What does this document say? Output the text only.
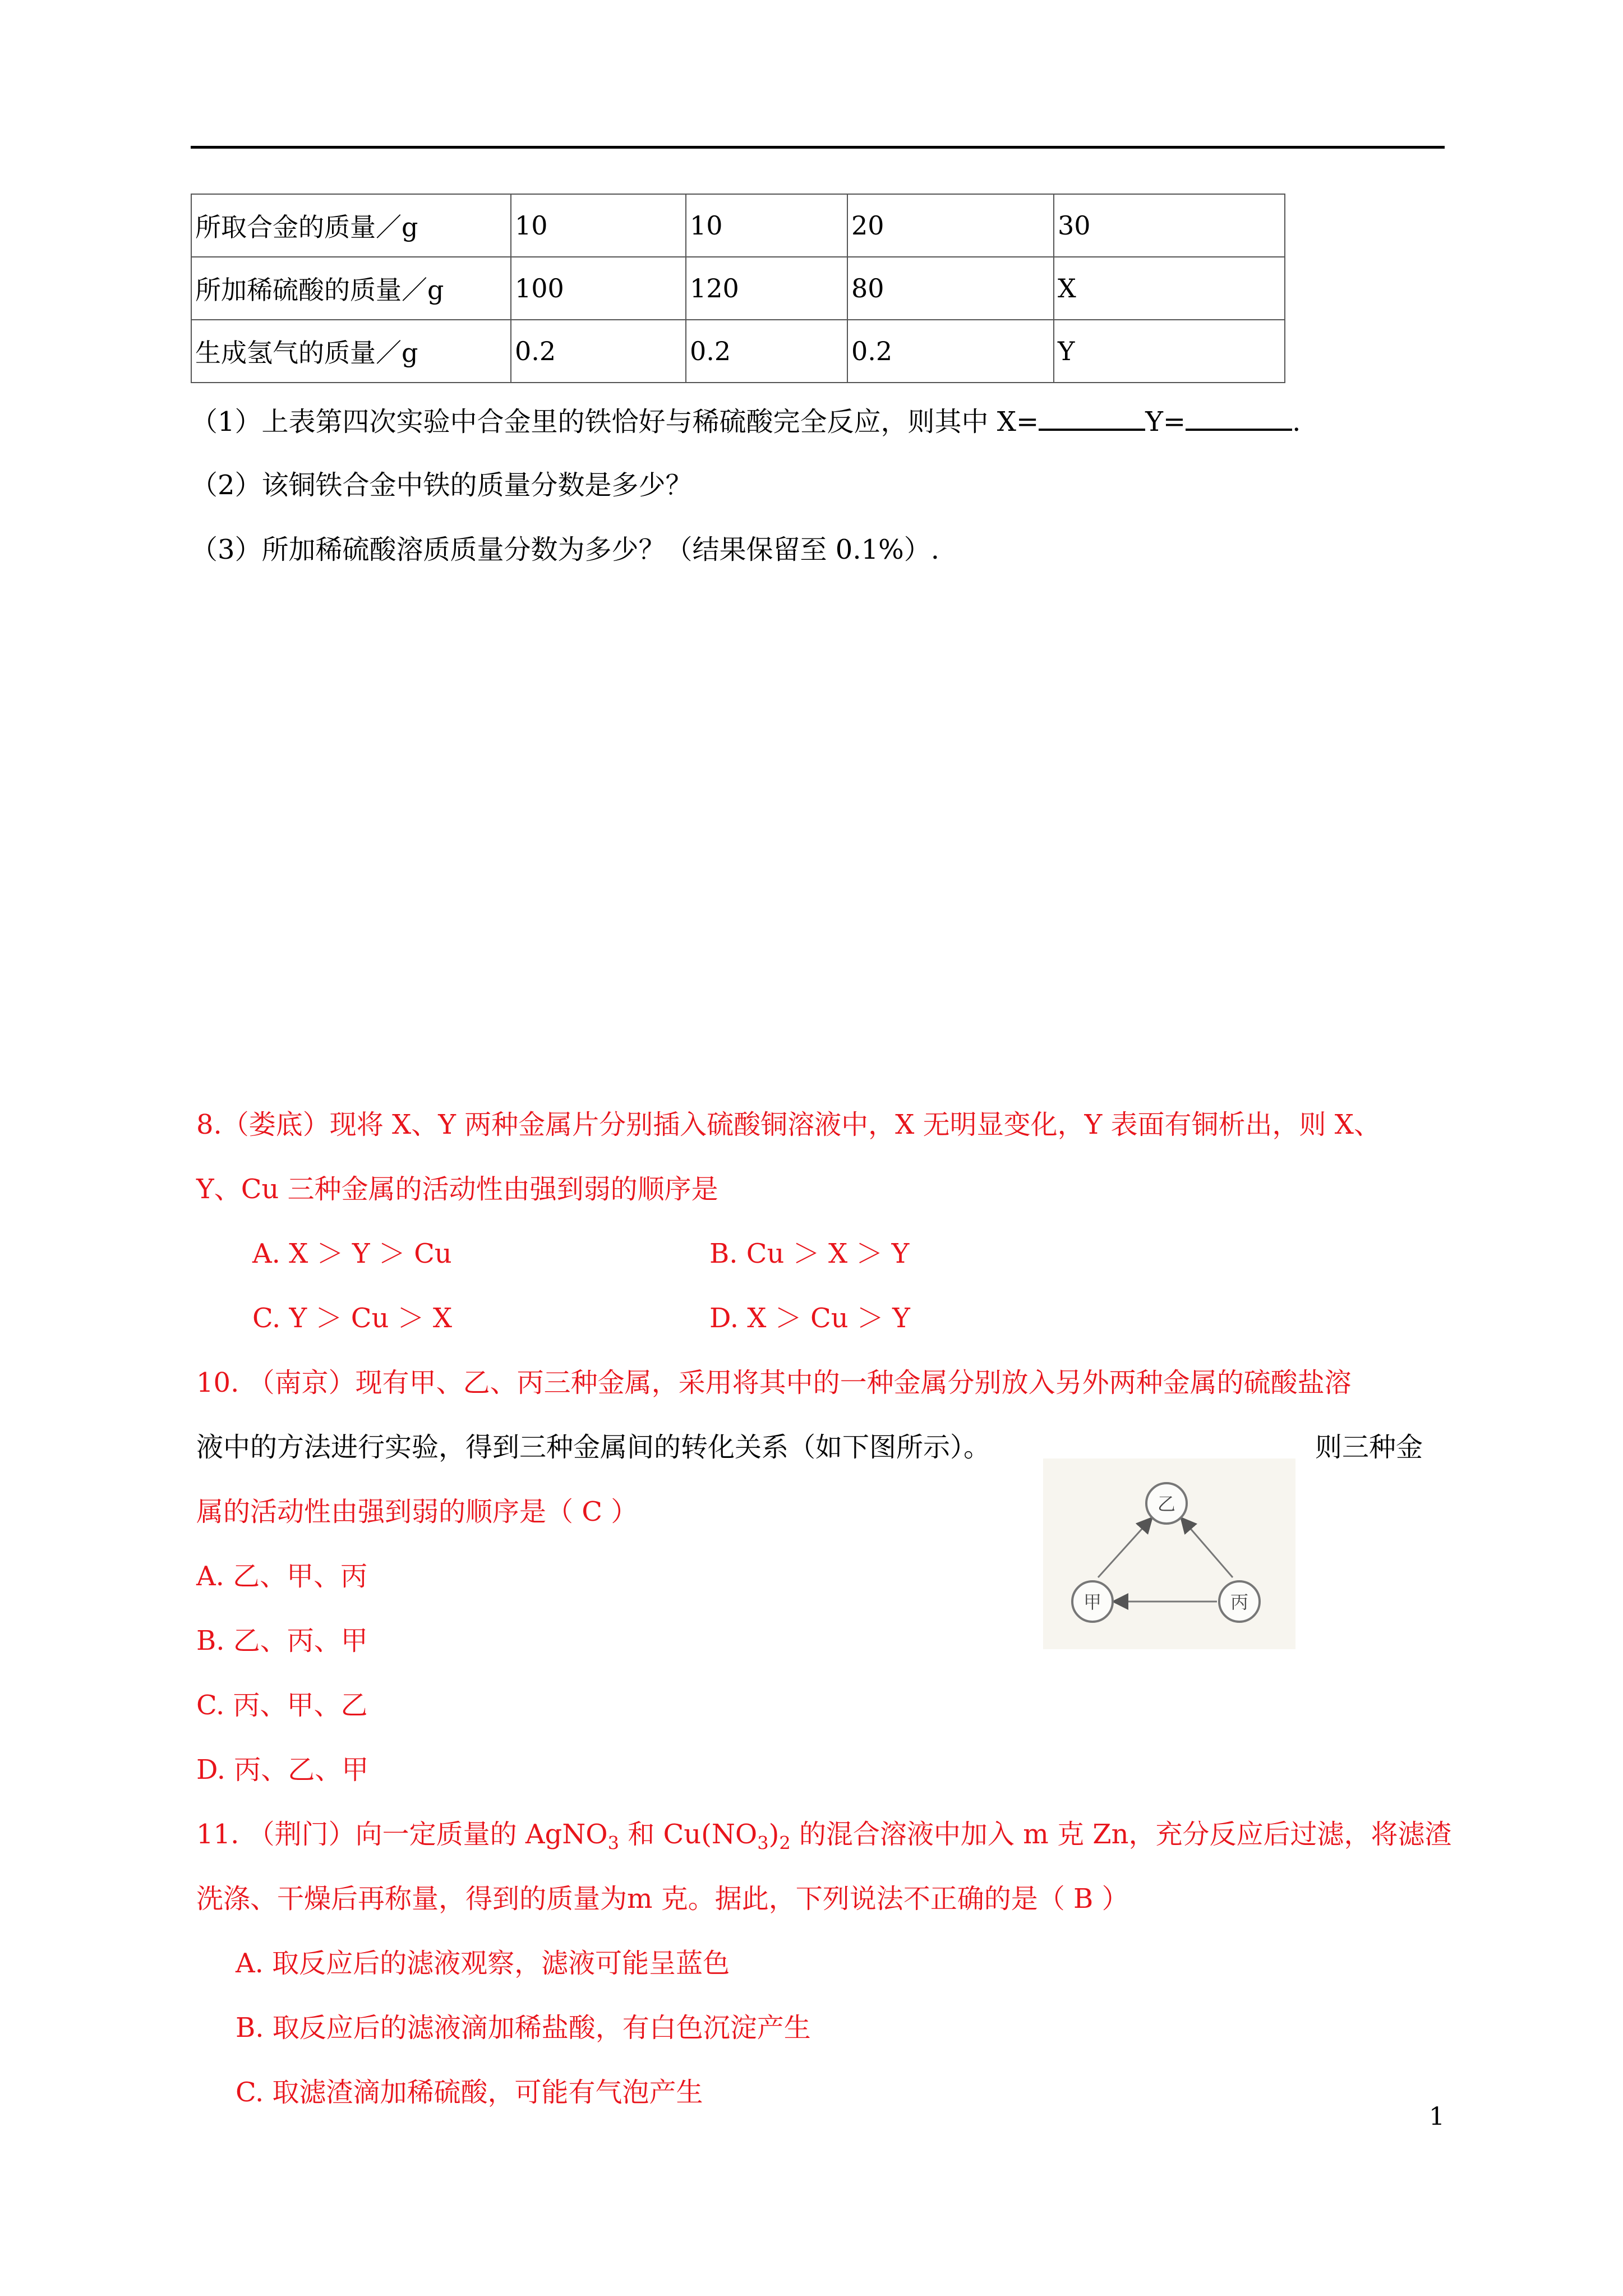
所取合金的质量／g	10	10	20	30
所加稀硫酸的质量／g	100	120	80	X
生成氢气的质量／g	0.2	0.2	0.2	Y
（1）上表第四次实验中合金里的铁恰好与稀硫酸完全反应，则其中 X=	Y=	.
（2）该铜铁合金中铁的质量分数是多少？
（3）所加稀硫酸溶质质量分数为多少？（结果保留至 0.1%）.
8.（娄底）现将 X、Y 两种金属片分别插入硫酸铜溶液中，X 无明显变化，Y 表面有铜析出，则 X、
Y、Cu 三种金属的活动性由强到弱的顺序是
A. X ＞ Y ＞ Cu	B. Cu ＞ X ＞ Y
C. Y ＞ Cu ＞ X	D. X ＞ Cu ＞ Y
10. （南京）现有甲、乙、丙三种金属，采用将其中的一种金属分别放入另外两种金属的硫酸盐溶
液中的方法进行实验，得到三种金属间的转化关系（如下图所示）。	则三种金
属的活动性由强到弱的顺序是（ C ）
A. 乙、甲、丙
B. 乙、丙、甲
C. 丙、甲、乙
D. 丙、乙、甲
乙
甲	丙
11. （荆门）向一定质量的 AgNO$_3$ 和 $Cu(NO_3)_2$ 的混合溶液中加入 m 克 Zn，充分反应后过滤，将滤渣
洗涤、干燥后再称量，得到的质量为m 克。据此，下列说法不正确的是（ B ）
A. 取反应后的滤液观察，滤液可能呈蓝色
B. 取反应后的滤液滴加稀盐酸，有白色沉淀产生
C. 取滤渣滴加稀硫酸，可能有气泡产生
1
